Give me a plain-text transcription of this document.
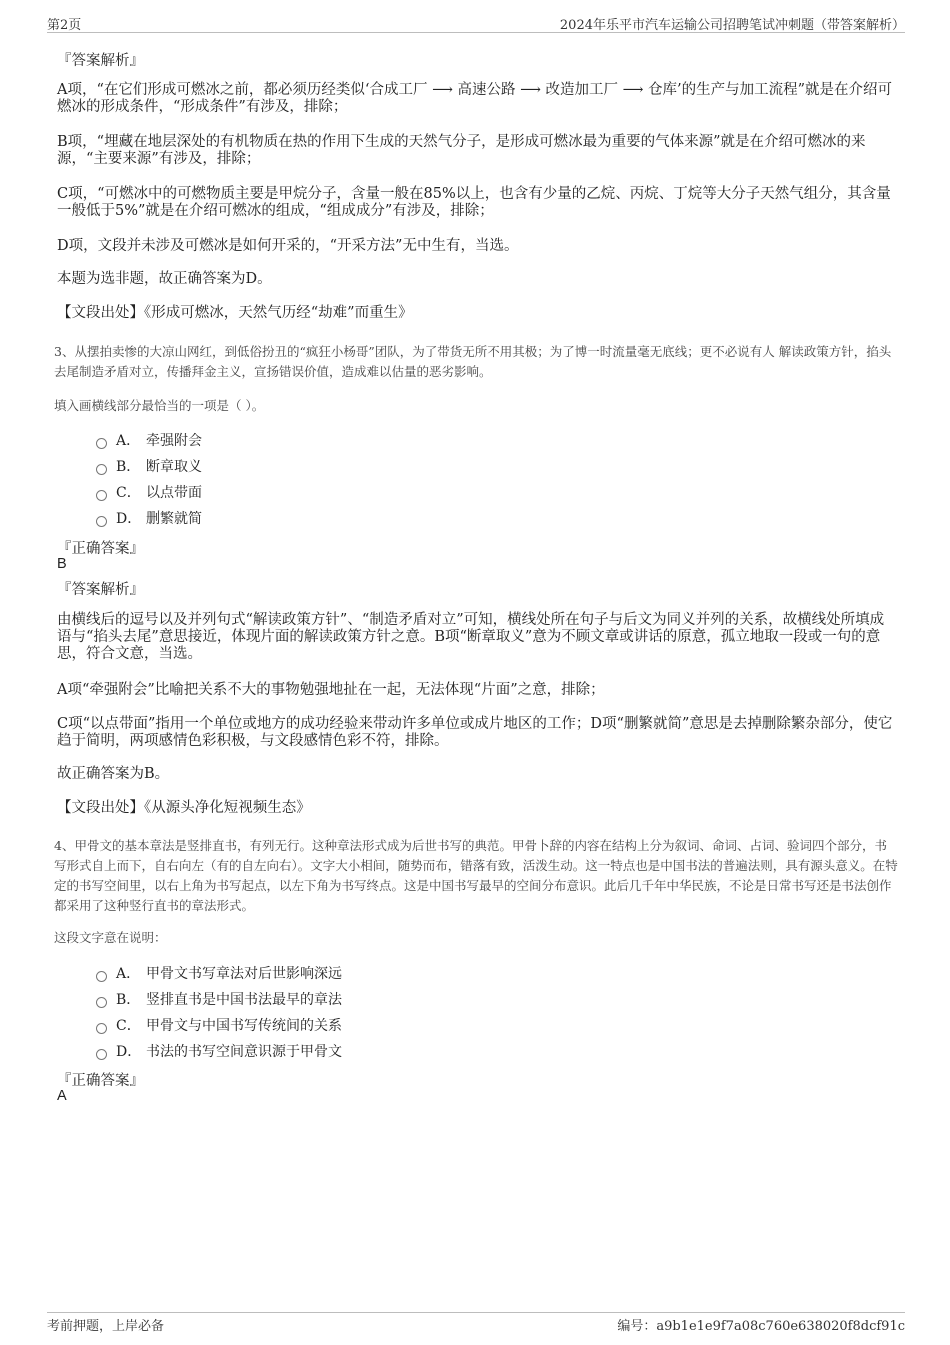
第2页	2024年乐平市汽车运输公司招聘笔试冲刺题（带答案解析）
『答案解析』
A项，“在它们形成可燃冰之前，都必须历经类似‘合成工厂 ⟶ 高速公路 ⟶ 改造加工厂 ⟶ 仓库’的生产与加工流程”就是在介绍可燃冰的形成条件，“形成条件”有涉及，排除；
B项，“埋藏在地层深处的有机物质在热的作用下生成的天然气分子，是形成可燃冰最为重要的气体来源”就是在介绍可燃冰的来源，“主要来源”有涉及，排除；
C项，“可燃冰中的可燃物质主要是甲烷分子，含量一般在85%以上，也含有少量的乙烷、丙烷、丁烷等大分子天然气组分，其含量一般低于5%”就是在介绍可燃冰的组成，“组成成分”有涉及，排除；
D项，文段并未涉及可燃冰是如何开采的，“开采方法”无中生有，当选。
本题为选非题，故正确答案为D。
【文段出处】《形成可燃冰，天然气历经“劫难”而重生》
3、从摆拍卖惨的大凉山网红，到低俗扮丑的“疯狂小杨哥”团队，为了带货无所不用其极；为了博一时流量毫无底线；更不必说有人 解读政策方针，掐头去尾制造矛盾对立，传播拜金主义，宣扬错误价值，造成难以估量的恶劣影响。
填入画横线部分最恰当的一项是（ ）。
A． 牵强附会
B． 断章取义
C． 以点带面
D． 删繁就简
『正确答案』
B
『答案解析』
由横线后的逗号以及并列句式“解读政策方针”、“制造矛盾对立”可知，横线处所在句子与后文为同义并列的关系，故横线处所填成语与“掐头去尾”意思接近，体现片面的解读政策方针之意。B项“断章取义”意为不顾文章或讲话的原意，孤立地取一段或一句的意思，符合文意，当选。
A项“牵强附会”比喻把关系不大的事物勉强地扯在一起，无法体现“片面”之意，排除；
C项“以点带面”指用一个单位或地方的成功经验来带动许多单位或成片地区的工作；D项“删繁就简”意思是去掉删除繁杂部分，使它趋于简明，两项感情色彩积极，与文段感情色彩不符，排除。
故正确答案为B。
【文段出处】《从源头净化短视频生态》
4、甲骨文的基本章法是竖排直书，有列无行。这种章法形式成为后世书写的典范。甲骨卜辞的内容在结构上分为叙词、命词、占词、验词四个部分，书写形式自上而下，自右向左（有的自左向右）。文字大小相间，随势而布，错落有致，活泼生动。这一特点也是中国书法的普遍法则，具有源头意义。在特定的书写空间里，以右上角为书写起点，以左下角为书写终点。这是中国书写最早的空间分布意识。此后几千年中华民族，不论是日常书写还是书法创作都采用了这种竖行直书的章法形式。
这段文字意在说明：
A． 甲骨文书写章法对后世影响深远
B． 竖排直书是中国书法最早的章法
C． 甲骨文与中国书写传统间的关系
D． 书法的书写空间意识源于甲骨文
『正确答案』
A
考前押题，上岸必备	编号：a9b1e1e9f7a08c760e638020f8dcf91c
